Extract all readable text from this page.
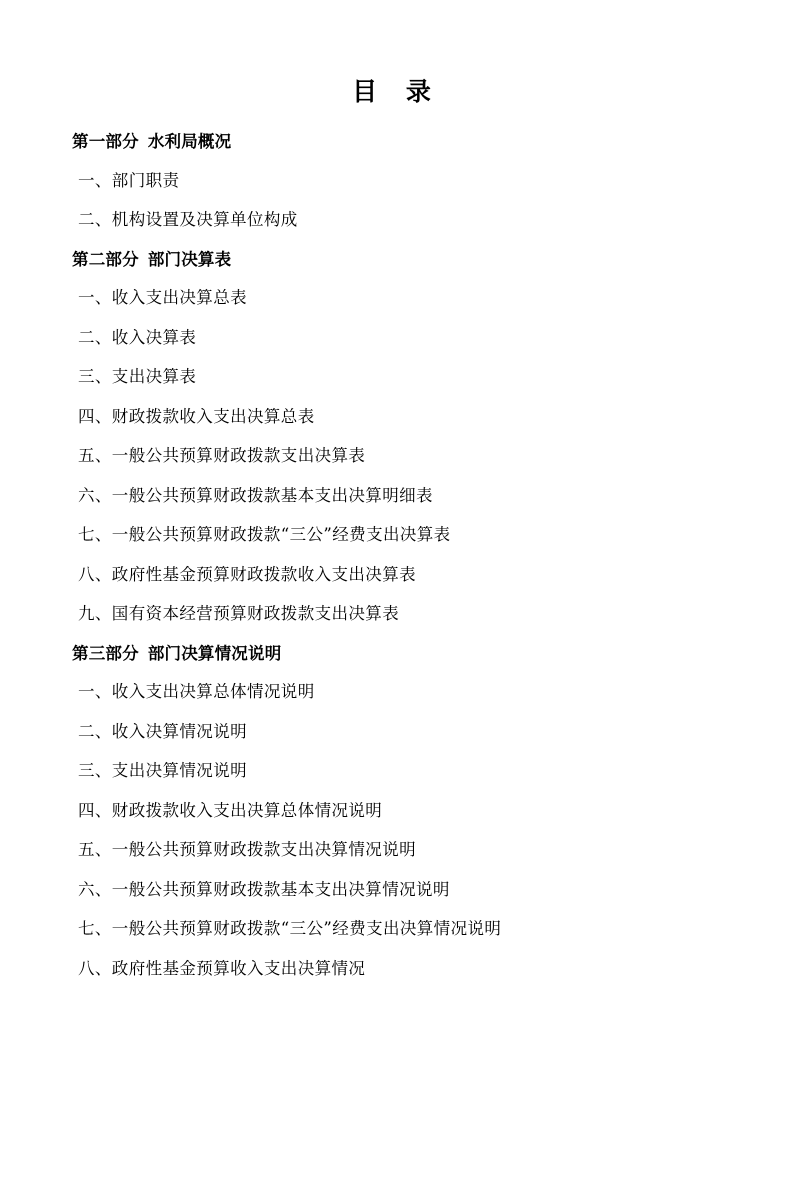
目 录
第一部分 水利局概况
一、部门职责
二、机构设置及决算单位构成
第二部分 部门决算表
一、收入支出决算总表
二、收入决算表
三、支出决算表
四、财政拨款收入支出决算总表
五、一般公共预算财政拨款支出决算表
六、一般公共预算财政拨款基本支出决算明细表
七、一般公共预算财政拨款“三公”经费支出决算表
八、政府性基金预算财政拨款收入支出决算表
九、国有资本经营预算财政拨款支出决算表
第三部分 部门决算情况说明
一、收入支出决算总体情况说明
二、收入决算情况说明
三、支出决算情况说明
四、财政拨款收入支出决算总体情况说明
五、一般公共预算财政拨款支出决算情况说明
六、一般公共预算财政拨款基本支出决算情况说明
七、一般公共预算财政拨款“三公”经费支出决算情况说明
八、政府性基金预算收入支出决算情况
